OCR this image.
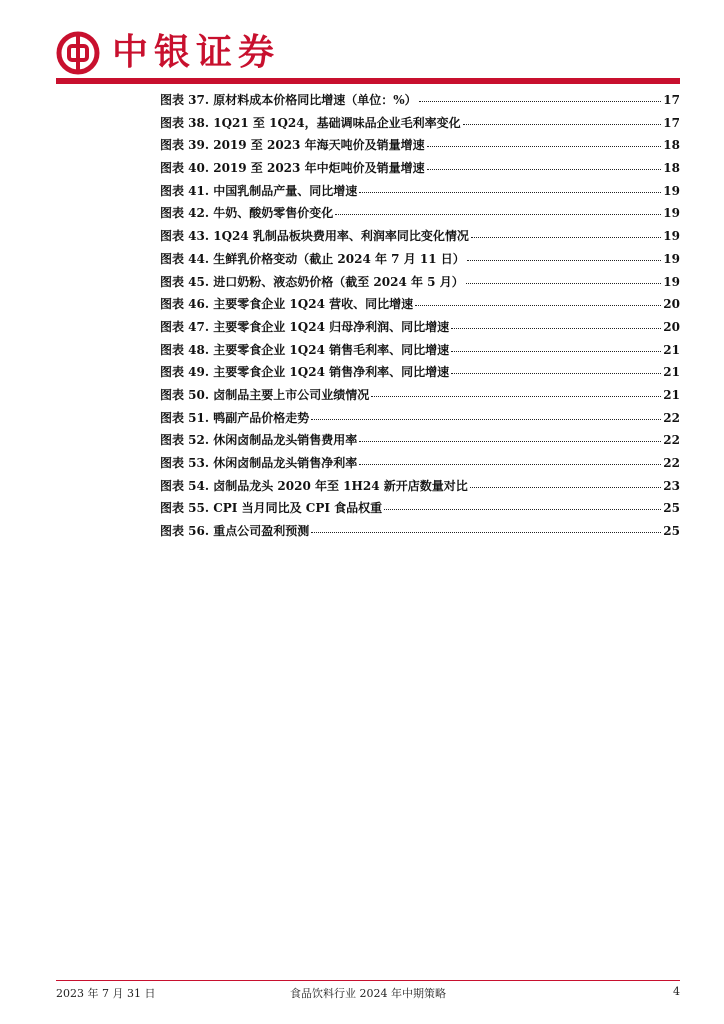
中银证券
图表 37. 原材料成本价格同比增速（单位：%）	17
图表 38. 1Q21 至 1Q24，基础调味品企业毛利率变化	17
图表 39. 2019 至 2023 年海天吨价及销量增速	18
图表 40. 2019 至 2023 年中炬吨价及销量增速	18
图表 41. 中国乳制品产量、同比增速	19
图表 42. 牛奶、酸奶零售价变化	19
图表 43. 1Q24 乳制品板块费用率、利润率同比变化情况	19
图表 44. 生鲜乳价格变动（截止 2024 年 7 月 11 日）	19
图表 45. 进口奶粉、液态奶价格（截至 2024 年 5 月）	19
图表 46. 主要零食企业 1Q24 营收、同比增速	20
图表 47. 主要零食企业 1Q24 归母净利润、同比增速	20
图表 48. 主要零食企业 1Q24 销售毛利率、同比增速	21
图表 49. 主要零食企业 1Q24 销售净利率、同比增速	21
图表 50. 卤制品主要上市公司业绩情况	21
图表 51. 鸭副产品价格走势	22
图表 52. 休闲卤制品龙头销售费用率	22
图表 53. 休闲卤制品龙头销售净利率	22
图表 54. 卤制品龙头 2020 年至 1H24 新开店数量对比	23
图表 55. CPI 当月同比及 CPI 食品权重	25
图表 56. 重点公司盈利预测	25
2023 年 7 月 31 日	食品饮料行业 2024 年中期策略	4
